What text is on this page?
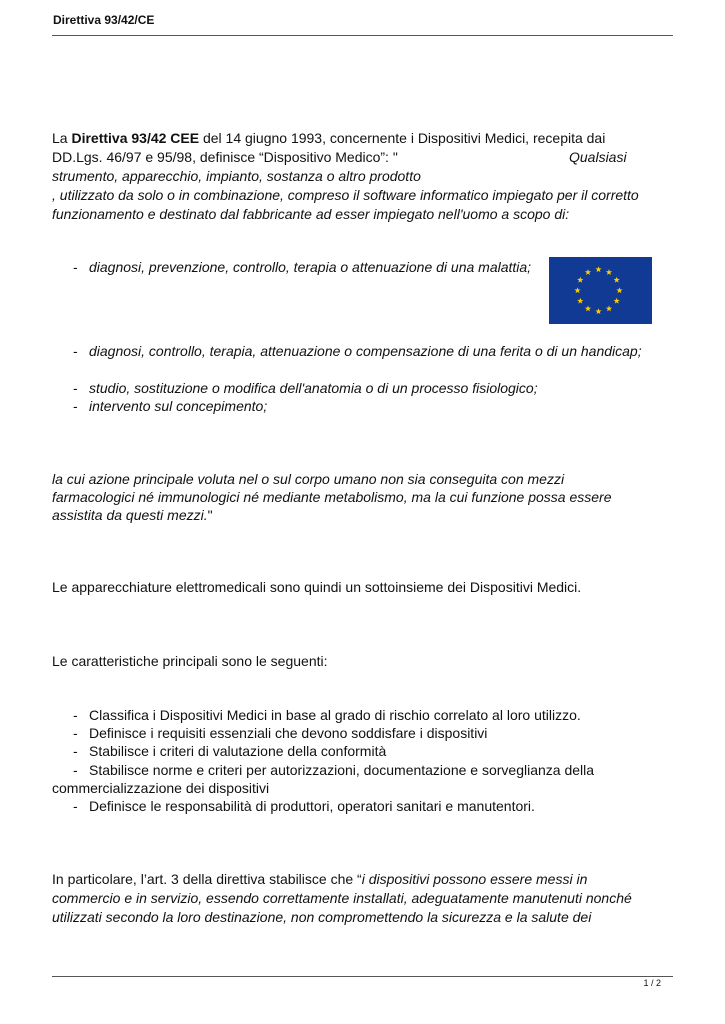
Direttiva 93/42/CE
La Direttiva 93/42 CEE del 14 giugno 1993, concernente i Dispositivi Medici, recepita dai
DD.Lgs. 46/97 e 95/98, definisce “Dispositivo Medico”: "	Qualsiasi
strumento, apparecchio, impianto, sostanza o altro prodotto
, utilizzato da solo o in combinazione, compreso il software informatico impiegato per il corretto
funzionamento e destinato dal fabbricante ad esser impiegato nell'uomo a scopo di:
- diagnosi, prevenzione, controllo, terapia o attenuazione di una malattia;
- diagnosi, controllo, terapia, attenuazione o compensazione di una ferita o di un handicap;
- studio, sostituzione o modifica dell'anatomia o di un processo fisiologico;
- intervento sul concepimento;
la cui azione principale voluta nel o sul corpo umano non sia conseguita con mezzi
farmacologici né immunologici né mediante metabolismo, ma la cui funzione possa essere
assistita da questi mezzi."
Le apparecchiature elettromedicali sono quindi un sottoinsieme dei Dispositivi Medici.
Le caratteristiche principali sono le seguenti:
- Classifica i Dispositivi Medici in base al grado di rischio correlato al loro utilizzo.
- Definisce i requisiti essenziali che devono soddisfare i dispositivi
- Stabilisce i criteri di valutazione della conformità
- Stabilisce norme e criteri per autorizzazioni, documentazione e sorveglianza della
commercializzazione dei dispositivi
- Definisce le responsabilità di produttori, operatori sanitari e manutentori.
In particolare, l’art. 3 della direttiva stabilisce che “i dispositivi possono essere messi in
commercio e in servizio, essendo correttamente installati, adeguatamente manutenuti nonché
utilizzati secondo la loro destinazione, non compromettendo la sicurezza e la salute dei
1 / 2
